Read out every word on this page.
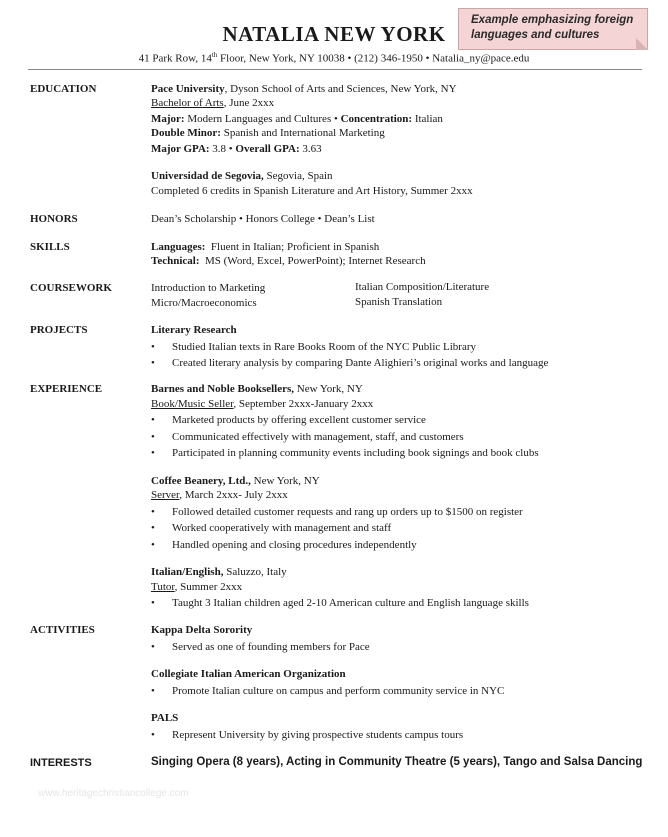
Example emphasizing foreign languages and cultures
NATALIA NEW YORK
41 Park Row, 14th Floor, New York, NY 10038 • (212) 346-1950 • Natalia_ny@pace.edu
EDUCATION	Pace University, Dyson School of Arts and Sciences, New York, NY
Bachelor of Arts, June 2xxx
Major: Modern Languages and Cultures • Concentration: Italian
Double Minor: Spanish and International Marketing
Major GPA: 3.8 • Overall GPA: 3.63
Universidad de Segovia, Segovia, Spain
Completed 6 credits in Spanish Literature and Art History, Summer 2xxx
HONORS	Dean’s Scholarship • Honors College • Dean’s List
SKILLS	Languages:  Fluent in Italian; Proficient in Spanish
Technical:  MS (Word, Excel, PowerPoint); Internet Research
COURSEWORK	Introduction to Marketing	Italian Composition/Literature
Micro/Macroeconomics	Spanish Translation
PROJECTS	Literary Research
• Studied Italian texts in Rare Books Room of the NYC Public Library
• Created literary analysis by comparing Dante Alighieri’s original works and language
EXPERIENCE	Barnes and Noble Booksellers, New York, NY
Book/Music Seller, September 2xxx-January 2xxx
• Marketed products by offering excellent customer service
• Communicated effectively with management, staff, and customers
• Participated in planning community events including book signings and book clubs
Coffee Beanery, Ltd., New York, NY
Server, March 2xxx- July 2xxx
• Followed detailed customer requests and rang up orders up to $1500 on register
• Worked cooperatively with management and staff
• Handled opening and closing procedures independently
Italian/English, Saluzzo, Italy
Tutor, Summer 2xxx
• Taught 3 Italian children aged 2-10 American culture and English language skills
ACTIVITIES	Kappa Delta Sorority
• Served as one of founding members for Pace
Collegiate Italian American Organization
• Promote Italian culture on campus and perform community service in NYC
PALS
• Represent University by giving prospective students campus tours
INTERESTS	Singing Opera (8 years), Acting in Community Theatre (5 years), Tango and Salsa Dancing
www.heritagechristiancollege.com
